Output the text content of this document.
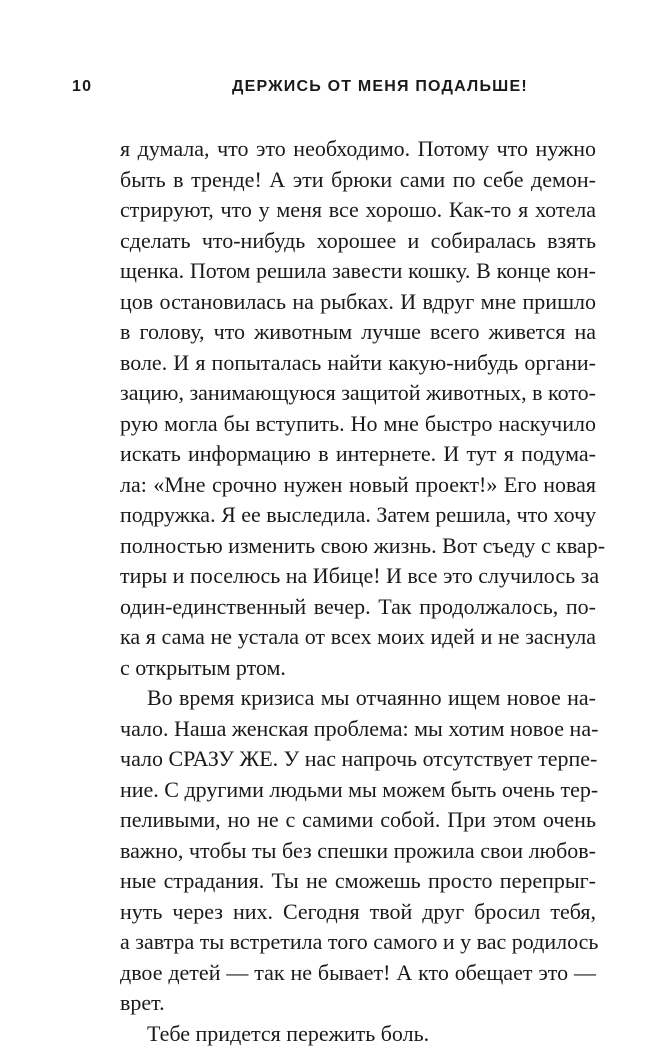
10	ДЕРЖИСЬ ОТ МЕНЯ ПОДАЛЬШЕ!
я думала, что это необходимо. Потому что нужно
быть в тренде! А эти брюки сами по себе демон-
стрируют, что у меня все хорошо. Как-то я хотела
сделать что-нибудь хорошее и собиралась взять
щенка. Потом решила завести кошку. В конце кон-
цов остановилась на рыбках. И вдруг мне пришло
в голову, что животным лучше всего живется на
воле. И я попыталась найти какую-нибудь органи-
зацию, занимающуюся защитой животных, в кото-
рую могла бы вступить. Но мне быстро наскучило
искать информацию в интернете. И тут я подума-
ла: «Мне срочно нужен новый проект!» Его новая
подружка. Я ее выследила. Затем решила, что хочу
полностью изменить свою жизнь. Вот съеду с квар-
тиры и поселюсь на Ибице! И все это случилось за
один-единственный вечер. Так продолжалось, по-
ка я сама не устала от всех моих идей и не заснула
с открытым ртом.
Во время кризиса мы отчаянно ищем новое на-
чало. Наша женская проблема: мы хотим новое на-
чало СРАЗУ ЖЕ. У нас напрочь отсутствует терпе-
ние. С другими людьми мы можем быть очень тер-
пеливыми, но не с самими собой. При этом очень
важно, чтобы ты без спешки прожила свои любов-
ные страдания. Ты не сможешь просто перепрыг-
нуть через них. Сегодня твой друг бросил тебя,
а завтра ты встретила того самого и у вас родилось
двое детей — так не бывает! А кто обещает это —
врет.
Тебе придется пережить боль.
